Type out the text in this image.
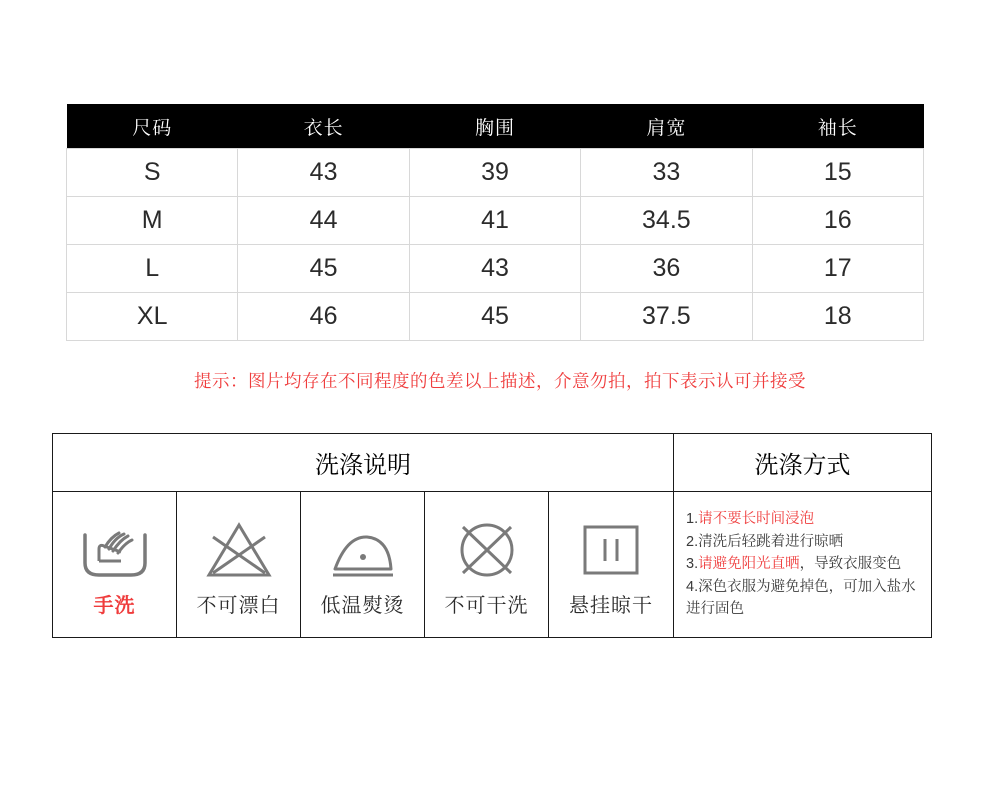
尺码	衣长	胸围	肩宽	袖长
S	43	39	33	15
M	44	41	34.5	16
L	45	43	36	17
XL	46	45	37.5	18
提示：图片均存在不同程度的色差以上描述，介意勿拍，拍下表示认可并接受
洗涤说明	洗涤方式
手洗	不可漂白 低温熨烫 不可干洗 悬挂晾干
1.请不要长时间浸泡
2.清洗后轻跳着进行晾晒
3.请避免阳光直晒，导致衣服变色
4.深色衣服为避免掉色，可加入盐水进行固色
